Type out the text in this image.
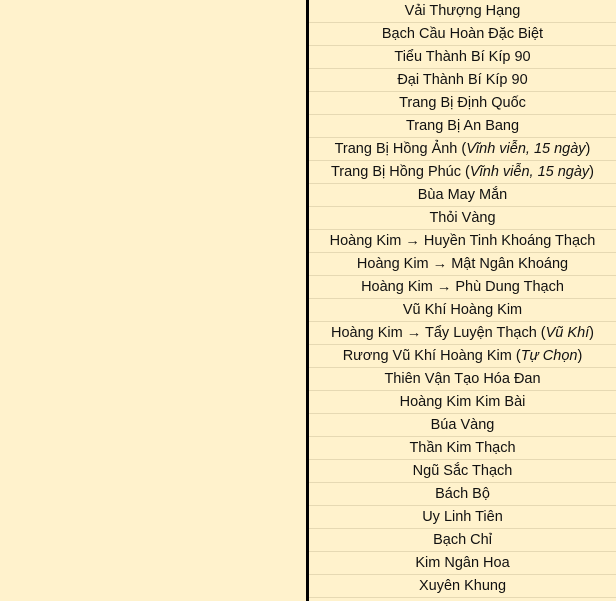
Vải Thượng Hạng
Bạch Cầu Hoàn Đặc Biệt
Tiểu Thành Bí Kíp 90
Đại Thành Bí Kíp 90
Trang Bị Định Quốc
Trang Bị An Bang
Trang Bị Hồng Ảnh ( Vĩnh viễn, 15 ngày )
Trang Bị Hồng Phúc ( Vĩnh viễn, 15 ngày )
Bùa May Mắn
Thỏi Vàng
Hoàng Kim → Huyền Tinh Khoáng Thạch
Hoàng Kim → Mật Ngân Khoáng
Hoàng Kim → Phù Dung Thạch
Vũ Khí Hoàng Kim
Hoàng Kim → Tẩy Luyện Thạch ( Vũ Khí )
Rương Vũ Khí Hoàng Kim ( Tự Chọn )
Thiên Vận Tạo Hóa Đan
Hoàng Kim Kim Bài
Búa Vàng
Thần Kim Thạch
Ngũ Sắc Thạch
Bách Bộ
Uy Linh Tiên
Bạch Chỉ
Kim Ngân Hoa
Xuyên Khung
